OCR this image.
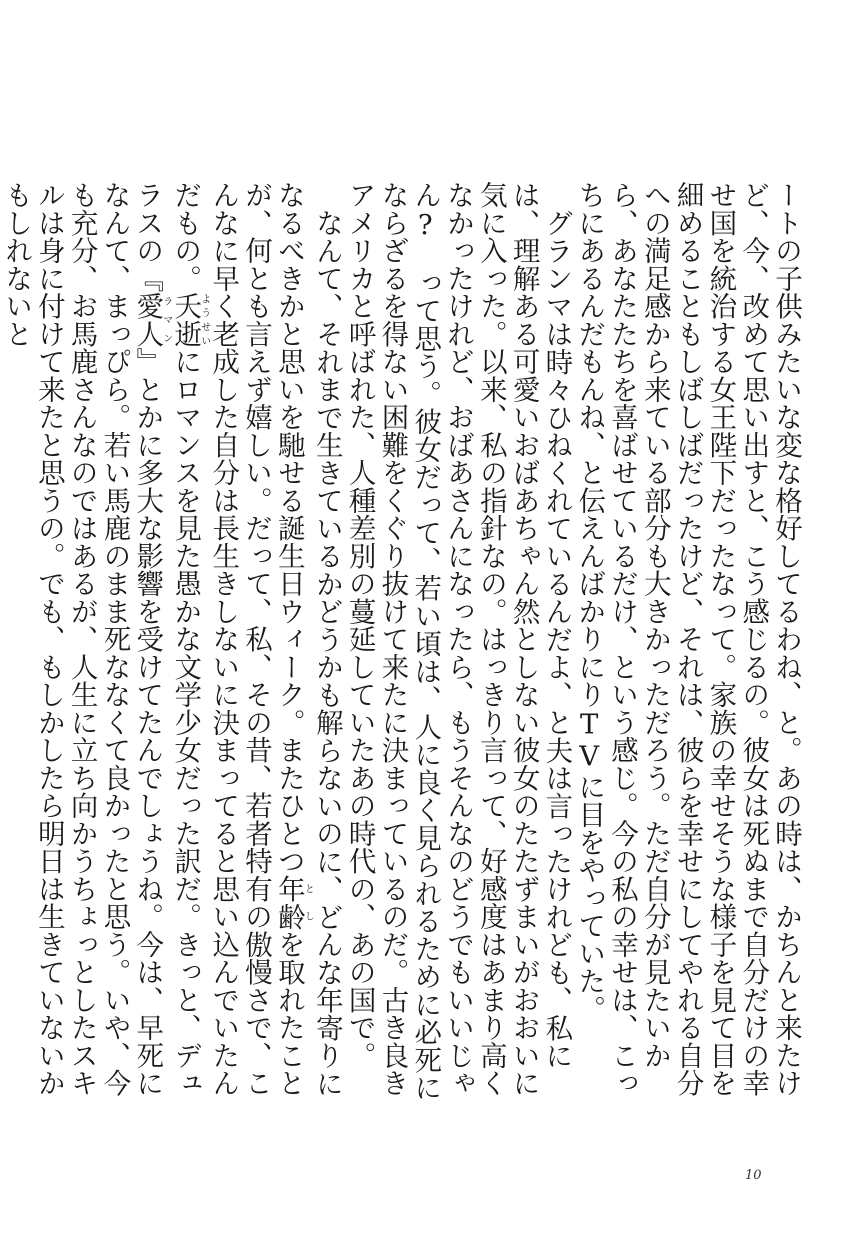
ートの子供みたいな変な格好してるわね、と。あの時は、かちんと来たけど、今、改めて思い出すと、こう感じるの。彼女は死ぬまで自分だけの幸せ国を統治する女王陛下だったなって。家族の幸せそうな様子を見て目を細めることもしばしばだったけど、それは、彼らを幸せにしてやれる自分への満足感から来ている部分も大きかっただろう。ただ自分が見たいから、あなたたちを喜ばせているだけ、という感じ。今の私の幸せは、こっちにあるんだもんね、と伝えんばかりにりTVに目をやっていた。

グランマは時々ひねくれているんだよ、と夫は言ったけれども、私には、理解ある可愛いおばあちゃん然としない彼女のたたずまいがおおいに気に入った。以来、私の指針なの。はっきり言って、好感度はあまり高くなかったけれど、おばあさんになったら、もうそんなのどうでもいいじゃん?　って思う。彼女だって、若い頃は、人に良く見られるために必死にならざるを得ない困難をくぐり抜けて来たに決まっているのだ。古き良きアメリカと呼ばれた、人種差別の蔓延していたあの時代の、あの国で。

なんて、それまで生きているかどうかも解らないのに、どんな年寄りになるべきかと思いを馳せる誕生日ウィーク。またひとつ年齢としを取れたことが、何とも言えず嬉しい。だって、私、その昔、若者特有の傲慢さで、こんなに早く老成した自分は長生きしないに決まってると思い込んでいたんだもの。夭逝ようせいにロマンスを見た愚かな文学少女だった訳だ。きっと、デュラスの『愛人ラマン』とかに多大な影響を受けてたんでしょうね。今は、早死になんて、まっぴら。若い馬鹿のまま死ななくて良かったと思う。いや、今も充分、お馬鹿さんなのではあるが、人生に立ち向かうちょっとしたスキルは身に付けて来たと思うの。でも、もしかしたら明日は生きていないかもしれないと

10
